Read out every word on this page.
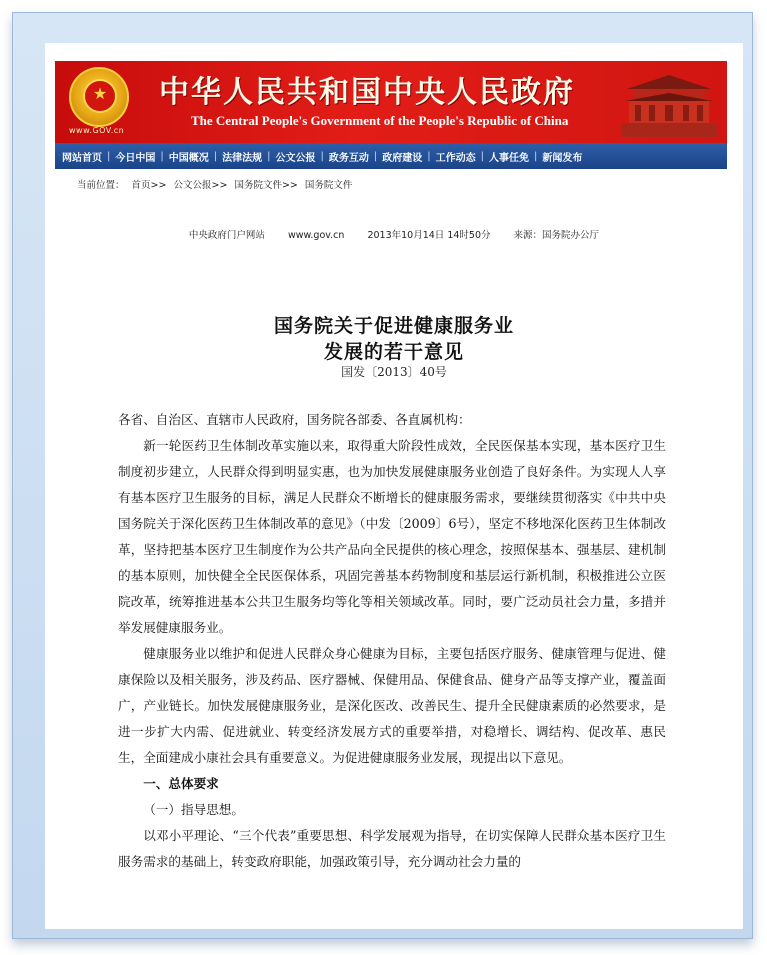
★
www.GOV.cn
中华人民共和国中央人民政府
The Central People's Government of the People's Republic of China
网站首页 | 今日中国 | 中国概况 | 法律法规 | 公文公报 | 政务互动 | 政府建设 | 工作动态 | 人事任免 | 新闻发布
当前位置： 首页>> 公文公报>> 国务院文件>> 国务院文件
中央政府门户网站 www.gov.cn 2013年10月14日 14时50分 来源：国务院办公厅
国务院关于促进健康服务业
发展的若干意见
国发〔2013〕40号

各省、自治区、直辖市人民政府，国务院各部委、各直属机构：

新一轮医药卫生体制改革实施以来，取得重大阶段性成效，全民医保基本实现，基本医疗卫生制度初步建立，人民群众得到明显实惠，也为加快发展健康服务业创造了良好条件。为实现人人享有基本医疗卫生服务的目标，满足人民群众不断增长的健康服务需求，要继续贯彻落实《中共中央　国务院关于深化医药卫生体制改革的意见》（中发〔2009〕6号），坚定不移地深化医药卫生体制改革，坚持把基本医疗卫生制度作为公共产品向全民提供的核心理念，按照保基本、强基层、建机制的基本原则，加快健全全民医保体系，巩固完善基本药物制度和基层运行新机制，积极推进公立医院改革，统筹推进基本公共卫生服务均等化等相关领域改革。同时，要广泛动员社会力量，多措并举发展健康服务业。

健康服务业以维护和促进人民群众身心健康为目标，主要包括医疗服务、健康管理与促进、健康保险以及相关服务，涉及药品、医疗器械、保健用品、保健食品、健身产品等支撑产业，覆盖面广，产业链长。加快发展健康服务业，是深化医改、改善民生、提升全民健康素质的必然要求，是进一步扩大内需、促进就业、转变经济发展方式的重要举措，对稳增长、调结构、促改革、惠民生，全面建成小康社会具有重要意义。为促进健康服务业发展，现提出以下意见。

一、总体要求

（一）指导思想。

以邓小平理论、“三个代表”重要思想、科学发展观为指导，在切实保障人民群众基本医疗卫生服务需求的基础上，转变政府职能，加强政策引导，充分调动社会力量的
